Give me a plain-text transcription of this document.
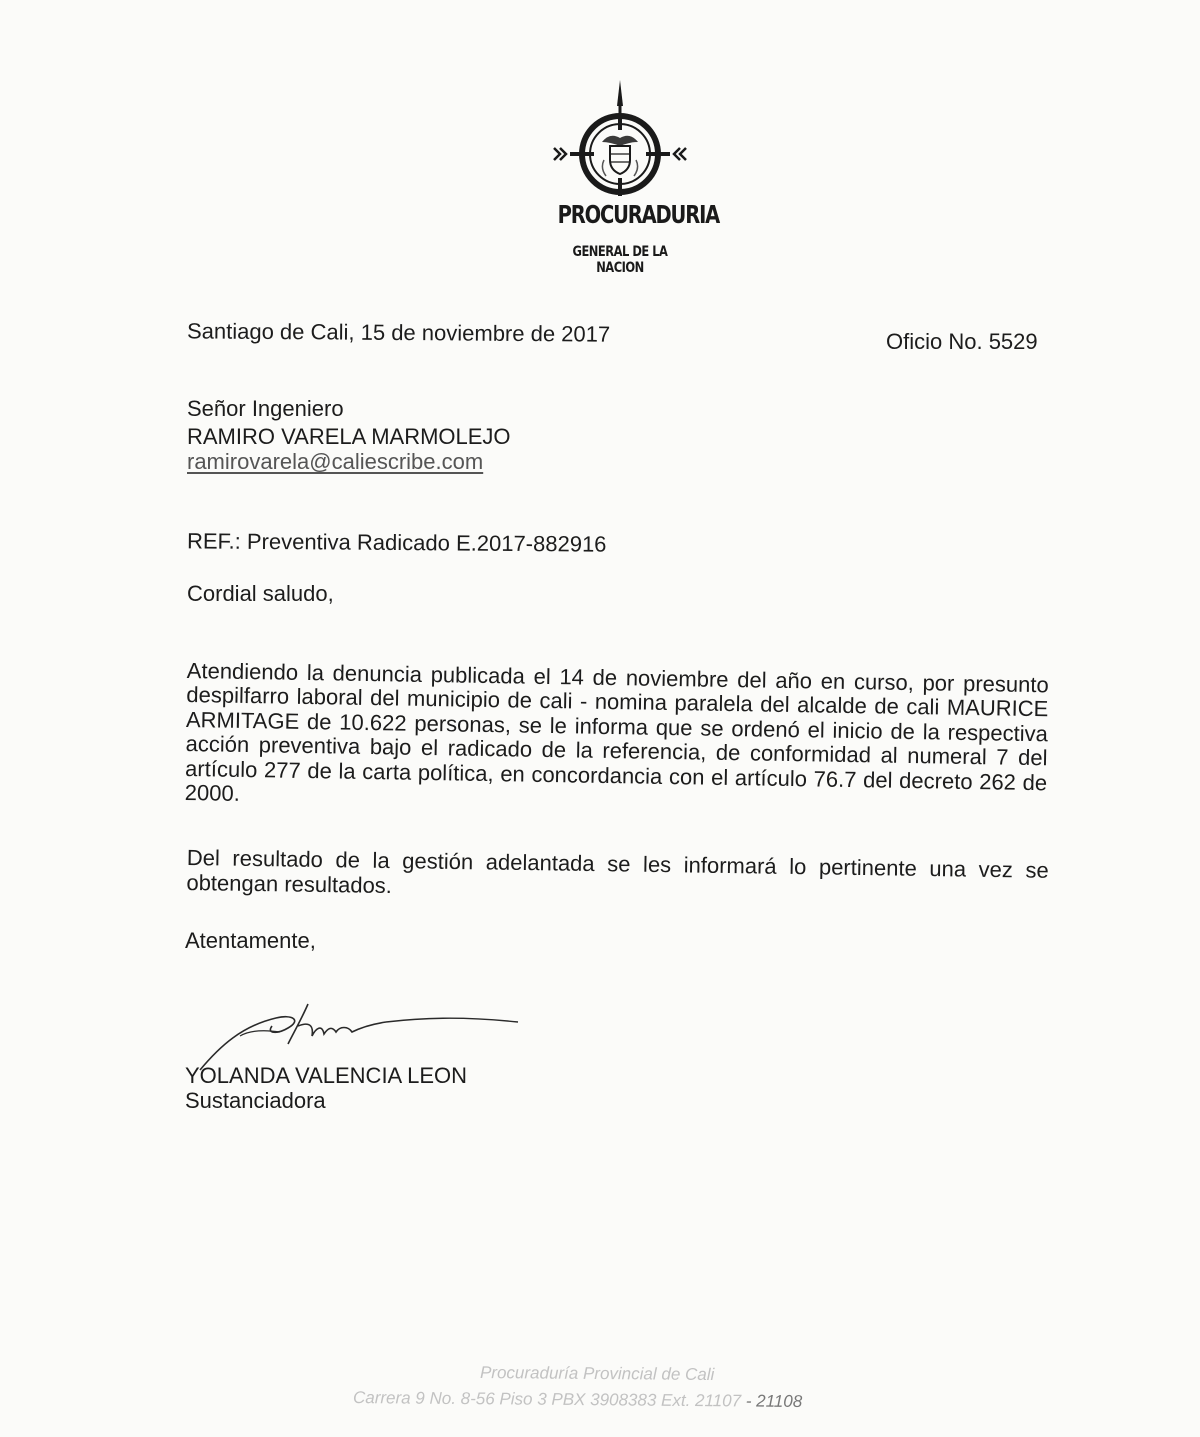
PROCURADURIA
GENERAL DE LA NACION
Santiago de Cali, 15 de noviembre de 2017	Oficio No. 5529
Señor Ingeniero
RAMIRO VARELA MARMOLEJO
ramirovarela@caliescribe.com
REF.: Preventiva Radicado E.2017-882916
Cordial saludo,
Atendiendo la denuncia publicada el 14 de noviembre del año en curso, por presunto despilfarro laboral del municipio de cali - nomina paralela del alcalde de cali MAURICE ARMITAGE de 10.622 personas, se le informa que se ordenó el inicio de la respectiva acción preventiva bajo el radicado de la referencia, de conformidad al numeral 7 del artículo 277 de la carta política, en concordancia con el artículo 76.7 del decreto 262 de 2000.
Del resultado de la gestión adelantada se les informará lo pertinente una vez se obtengan resultados.
Atentamente,
YOLANDA VALENCIA LEON
Sustanciadora
Procuraduría Provincial de Cali
Carrera 9 No. 8-56 Piso 3 PBX 3908383 Ext. 21107 - 21108
